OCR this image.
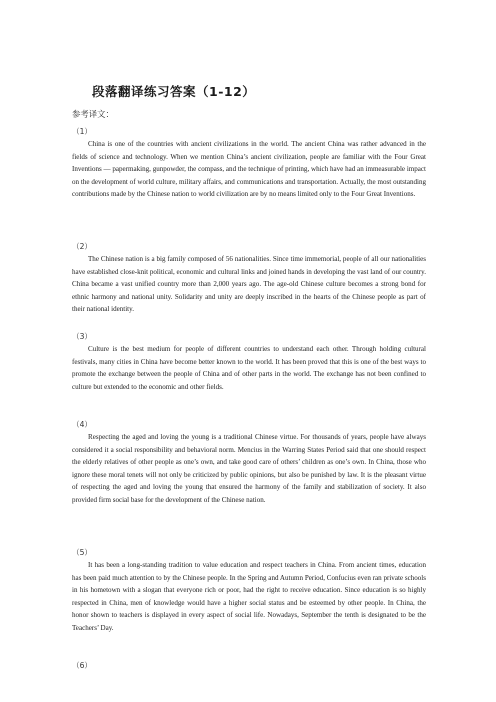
段落翻译练习答案（1-12）
参考译文：
（1）

China is one of the countries with ancient civilizations in the world. The ancient China was rather advanced in the fields of science and technology. When we mention China’s ancient civilization, people are familiar with the Four Great Inventions — papermaking, gunpowder, the compass, and the technique of printing, which have had an immeasurable impact on the development of world culture, military affairs, and communications and transportation. Actually, the most outstanding contributions made by the Chinese nation to world civilization are by no means limited only to the Four Great Inventions.

（2）

The Chinese nation is a big family composed of 56 nationalities. Since time immemorial, people of all our nationalities have established close-knit political, economic and cultural links and joined hands in developing the vast land of our country. China became a vast unified country more than 2,000 years ago. The age-old Chinese culture becomes a strong bond for ethnic harmony and national unity. Solidarity and unity are deeply inscribed in the hearts of the Chinese people as part of their national identity.

（3）

Culture is the best medium for people of different countries to understand each other. Through holding cultural festivals, many cities in China have become better known to the world. It has been proved that this is one of the best ways to promote the exchange between the people of China and of other parts in the world. The exchange has not been confined to culture but extended to the economic and other fields.

（4）

Respecting the aged and loving the young is a traditional Chinese virtue. For thousands of years, people have always considered it a social responsibility and behavioral norm. Mencius in the Warring States Period said that one should respect the elderly relatives of other people as one’s own, and take good care of others’ children as one’s own. In China, those who ignore these moral tenets will not only be criticized by public opinions, but also be punished by law. It is the pleasant virtue of respecting the aged and loving the young that ensured the harmony of the family and stabilization of society. It also provided firm social base for the development of the Chinese nation.

（5）

It has been a long-standing tradition to value education and respect teachers in China. From ancient times, education has been paid much attention to by the Chinese people. In the Spring and Autumn Period, Confucius even ran private schools in his hometown with a slogan that everyone rich or poor, had the right to receive education. Since education is so highly respected in China, men of knowledge would have a higher social status and be esteemed by other people. In China, the honor shown to teachers is displayed in every aspect of social life. Nowadays, September the tenth is designated to be the Teachers’ Day.

（6）
